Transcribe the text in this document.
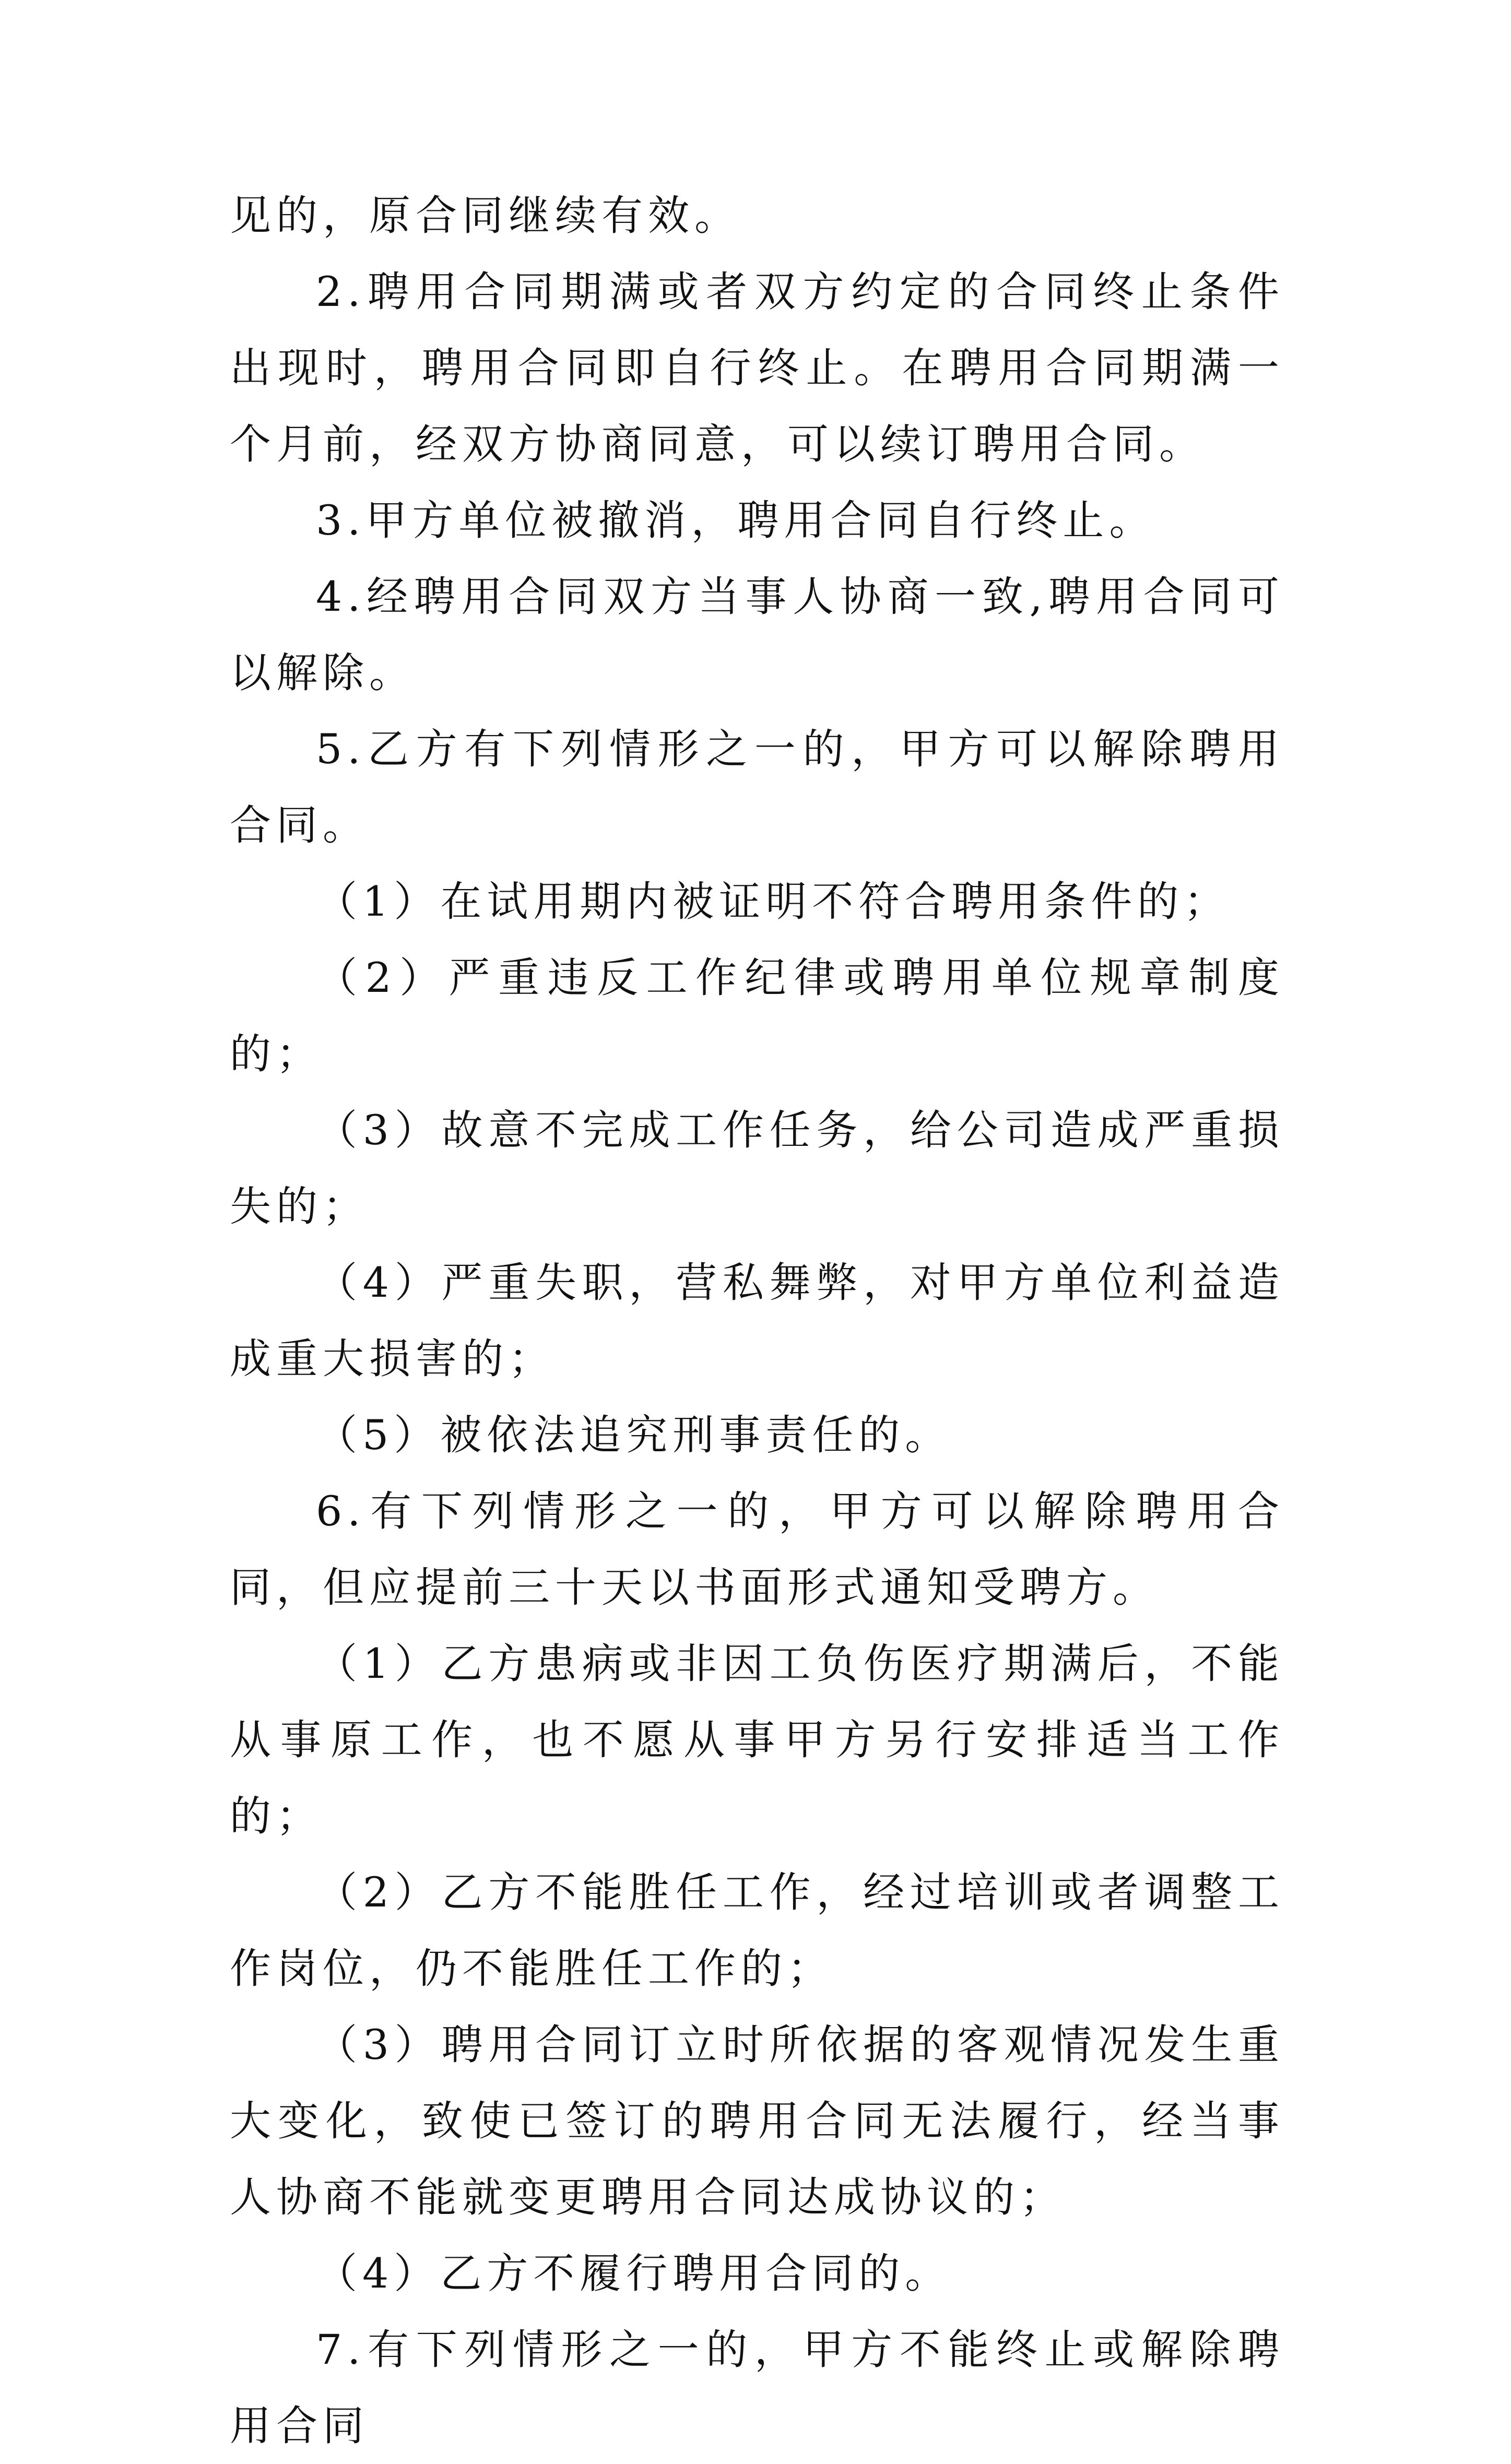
见的，原合同继续有效。

2.聘用合同期满或者双方约定的合同终止条件出现时，聘用合同即自行终止。在聘用合同期满一个月前，经双方协商同意，可以续订聘用合同。

3.甲方单位被撤消，聘用合同自行终止。

4.经聘用合同双方当事人协商一致,聘用合同可以解除。

5.乙方有下列情形之一的，甲方可以解除聘用合同。

（1）在试用期内被证明不符合聘用条件的；

（2）严重违反工作纪律或聘用单位规章制度的；

（3）故意不完成工作任务，给公司造成严重损失的；

（4）严重失职，营私舞弊，对甲方单位利益造成重大损害的；

（5）被依法追究刑事责任的。

6.有下列情形之一的，甲方可以解除聘用合同，但应提前三十天以书面形式通知受聘方。

（1）乙方患病或非因工负伤医疗期满后，不能从事原工作，也不愿从事甲方另行安排适当工作的；

（2）乙方不能胜任工作，经过培训或者调整工作岗位，仍不能胜任工作的；

（3）聘用合同订立时所依据的客观情况发生重大变化，致使已签订的聘用合同无法履行，经当事人协商不能就变更聘用合同达成协议的；

（4）乙方不履行聘用合同的。

7.有下列情形之一的，甲方不能终止或解除聘用合同
